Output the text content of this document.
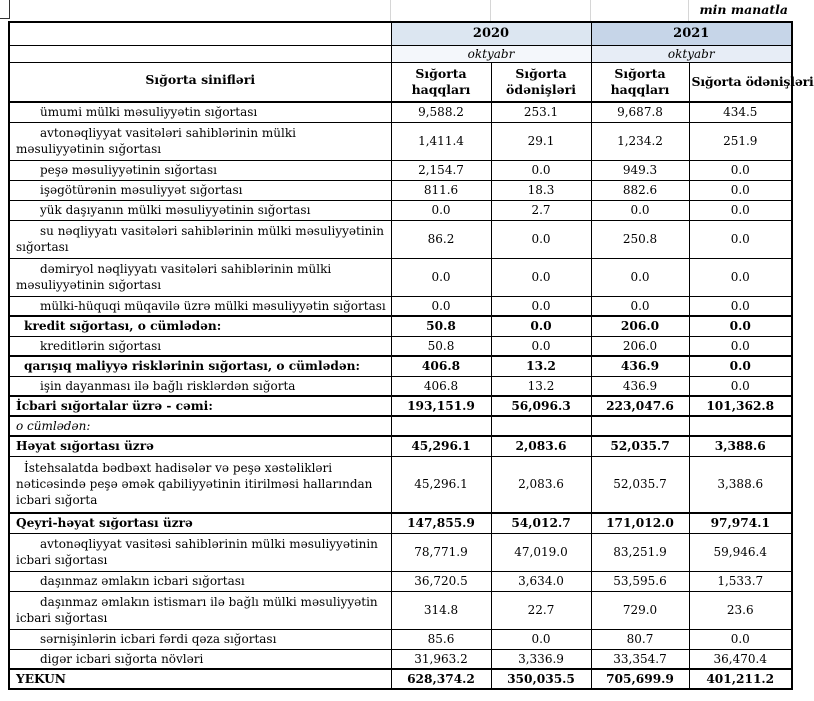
min manatla
	2020		2021	
	oktyabr		oktyabr	
Sığorta sinifləri	Sığorta haqqları	Sığorta ödənişləri	Sığorta haqqları	Sığorta ödənişləri
ümumi mülki məsuliyyətin sığortası	9,588.2	253.1	9,687.8	434.5
avtonəqliyyat vasitələri sahiblərinin mülki məsuliyyətinin sığortası	1,411.4	29.1	1,234.2	251.9
peşə məsuliyyətinin sığortası	2,154.7	0.0	949.3	0.0
işəgötürənin məsuliyyət sığortası	811.6	18.3	882.6	0.0
yük daşıyanın mülki məsuliyyətinin sığortası	0.0	2.7	0.0	0.0
su nəqliyyatı vasitələri sahiblərinin mülki məsuliyyətinin sığortası	86.2	0.0	250.8	0.0
dəmiryol nəqliyyatı vasitələri sahiblərinin mülki məsuliyyətinin sığortası	0.0	0.0	0.0	0.0
mülki-hüquqi müqavilə üzrə mülki məsuliyyətin sığortası	0.0	0.0	0.0	0.0
kredit sığortası, o cümlədən:	50.8	0.0	206.0	0.0
kreditlərin sığortası	50.8	0.0	206.0	0.0
qarışıq maliyyə risklərinin sığortası, o cümlədən:	406.8	13.2	436.9	0.0
işin dayanması ilə bağlı risklərdən sığorta	406.8	13.2	436.9	0.0
İcbari sığortalar üzrə - cəmi:	193,151.9	56,096.3	223,047.6	101,362.8
o cümlədən:				
Həyat sığortası üzrə	45,296.1	2,083.6	52,035.7	3,388.6
İstehsalatda bədbəxt hadisələr və peşə xəstəlikləri nəticəsində peşə əmək qabiliyyətinin itirilməsi hallarından icbari sığorta	45,296.1	2,083.6	52,035.7	3,388.6
Qeyri-həyat sığortası üzrə	147,855.9	54,012.7	171,012.0	97,974.1
avtonəqliyyat vasitəsi sahiblərinin mülki məsuliyyətinin icbari sığortası	78,771.9	47,019.0	83,251.9	59,946.4
daşınmaz əmlakın icbari sığortası	36,720.5	3,634.0	53,595.6	1,533.7
daşınmaz əmlakın istismarı ilə bağlı mülki məsuliyyətin icbari sığortası	314.8	22.7	729.0	23.6
sərnişinlərin icbari fərdi qəza sığortası	85.6	0.0	80.7	0.0
digər icbari sığorta növləri	31,963.2	3,336.9	33,354.7	36,470.4
YEKUN	628,374.2	350,035.5	705,699.9	401,211.2
